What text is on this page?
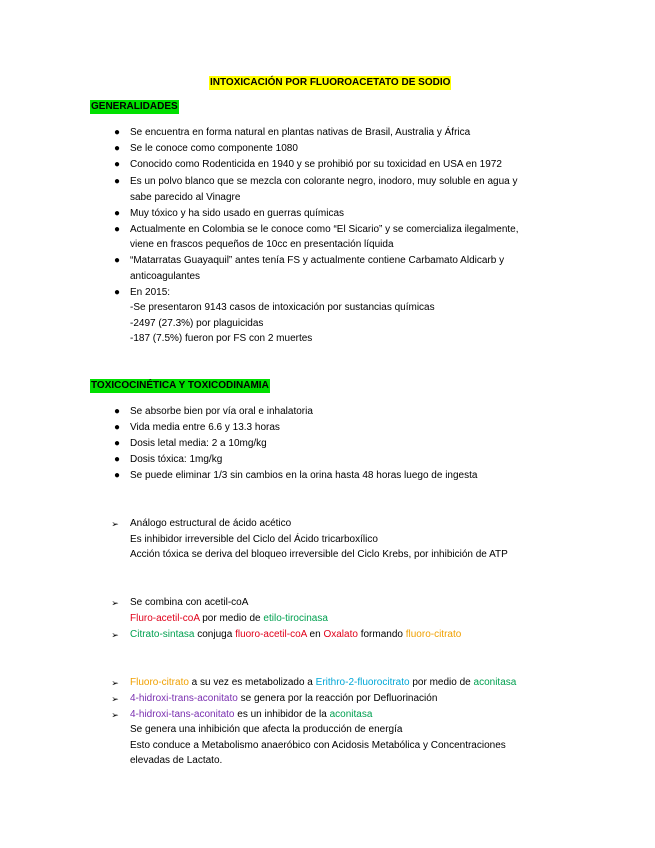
INTOXICACIÓN POR FLUOROACETATO DE SODIO
GENERALIDADES
● Se encuentra en forma natural en plantas nativas de Brasil, Australia y África
● Se le conoce como componente 1080
● Conocido como Rodenticida en 1940 y se prohibió por su toxicidad en USA en 1972
● Es un polvo blanco que se mezcla con colorante negro, inodoro, muy soluble en agua y
sabe parecido al Vinagre
● Muy tóxico y ha sido usado en guerras químicas
● Actualmente en Colombia se le conoce como “El Sicario” y se comercializa ilegalmente,
viene en frascos pequeños de 10cc en presentación líquida
● “Matarratas Guayaquil” antes tenía FS y actualmente contiene Carbamato Aldicarb y
anticoagulantes
● En 2015:
-Se presentaron 9143 casos de intoxicación por sustancias químicas
-2497 (27.3%) por plaguicidas
-187 (7.5%) fueron por FS con 2 muertes
TOXICOCINÉTICA Y TOXICODINAMIA
● Se absorbe bien por vía oral e inhalatoria
● Vida media entre 6.6 y 13.3 horas
● Dosis letal media: 2 a 10mg/kg
● Dosis tóxica: 1mg/kg
● Se puede eliminar 1/3 sin cambios en la orina hasta 48 horas luego de ingesta
➢ Análogo estructural de ácido acético
Es inhibidor irreversible del Ciclo del Ácido tricarboxílico
Acción tóxica se deriva del bloqueo irreversible del Ciclo Krebs, por inhibición de ATP
➢ Se combina con acetil-coA
Fluro-acetil-coA por medio de etilo-tirocinasa
➢ Citrato-sintasa conjuga fluoro-acetil-coA en Oxalato formando fluoro-citrato
➢ Fluoro-citrato a su vez es metabolizado a Erithro-2-fluorocitrato por medio de aconitasa
➢ 4-hidroxi-trans-aconitato se genera por la reacción por Defluorinación
➢ 4-hidroxi-tans-aconitato es un inhibidor de la aconitasa
Se genera una inhibición que afecta la producción de energía
Esto conduce a Metabolismo anaeróbico con Acidosis Metabólica y Concentraciones
elevadas de Lactato.
